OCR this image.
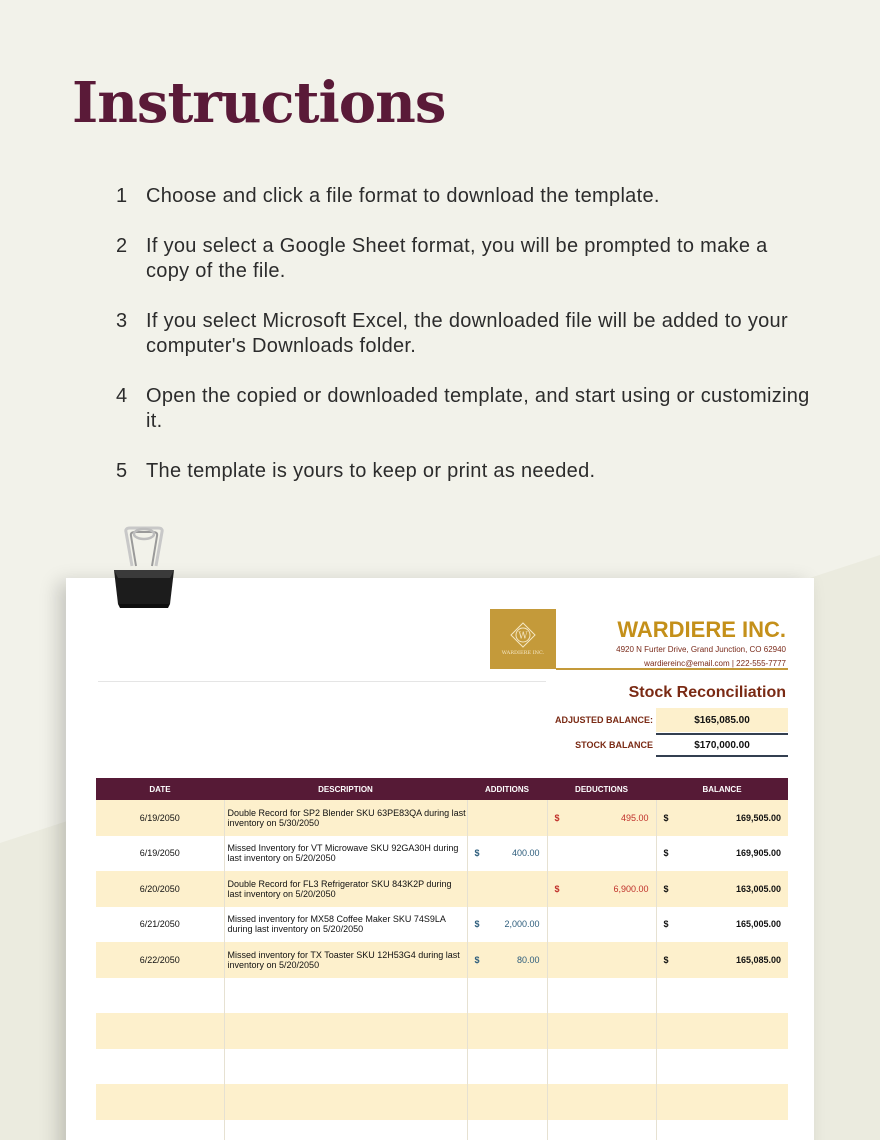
Instructions
1 Choose and click a file format to download the template.
2 If you select a Google Sheet format, you will be prompted to make a copy of the file.
3 If you select Microsoft Excel, the downloaded file will be added to your computer's Downloads folder.
4 Open the copied or downloaded template, and start using or customizing it.
5 The template is yours to keep or print as needed.
W
WARDIERE INC.
WARDIERE INC.
4920 N Furter Drive, Grand Junction, CO 62940
wardiereinc@email.com | 222-555-7777
Stock Reconciliation
ADJUSTED BALANCE:	$165,085.00
STOCK BALANCE	$170,000.00
DATE	DESCRIPTION	ADDITIONS	DEDUCTIONS	BALANCE
6/19/2050	Double Record for SP2 Blender SKU 63PE83QA during last inventory on 5/30/2050		$ 495.00	$ 169,505.00

6/19/2050	Missed Inventory for VT Microwave SKU 92GA30H during last inventory on 5/20/2050	$ 400.00		$ 169,905.00

6/20/2050	Double Record for FL3 Refrigerator SKU 843K2P during last inventory on 5/20/2050		$ 6,900.00	$ 163,005.00

6/21/2050	Missed inventory for MX58 Coffee Maker SKU 74S9LA during last inventory on 5/20/2050	$ 2,000.00		$ 165,005.00

6/22/2050	Missed inventory for TX Toaster SKU 12H53G4 during last inventory on 5/20/2050	$ 80.00		$ 165,085.00
